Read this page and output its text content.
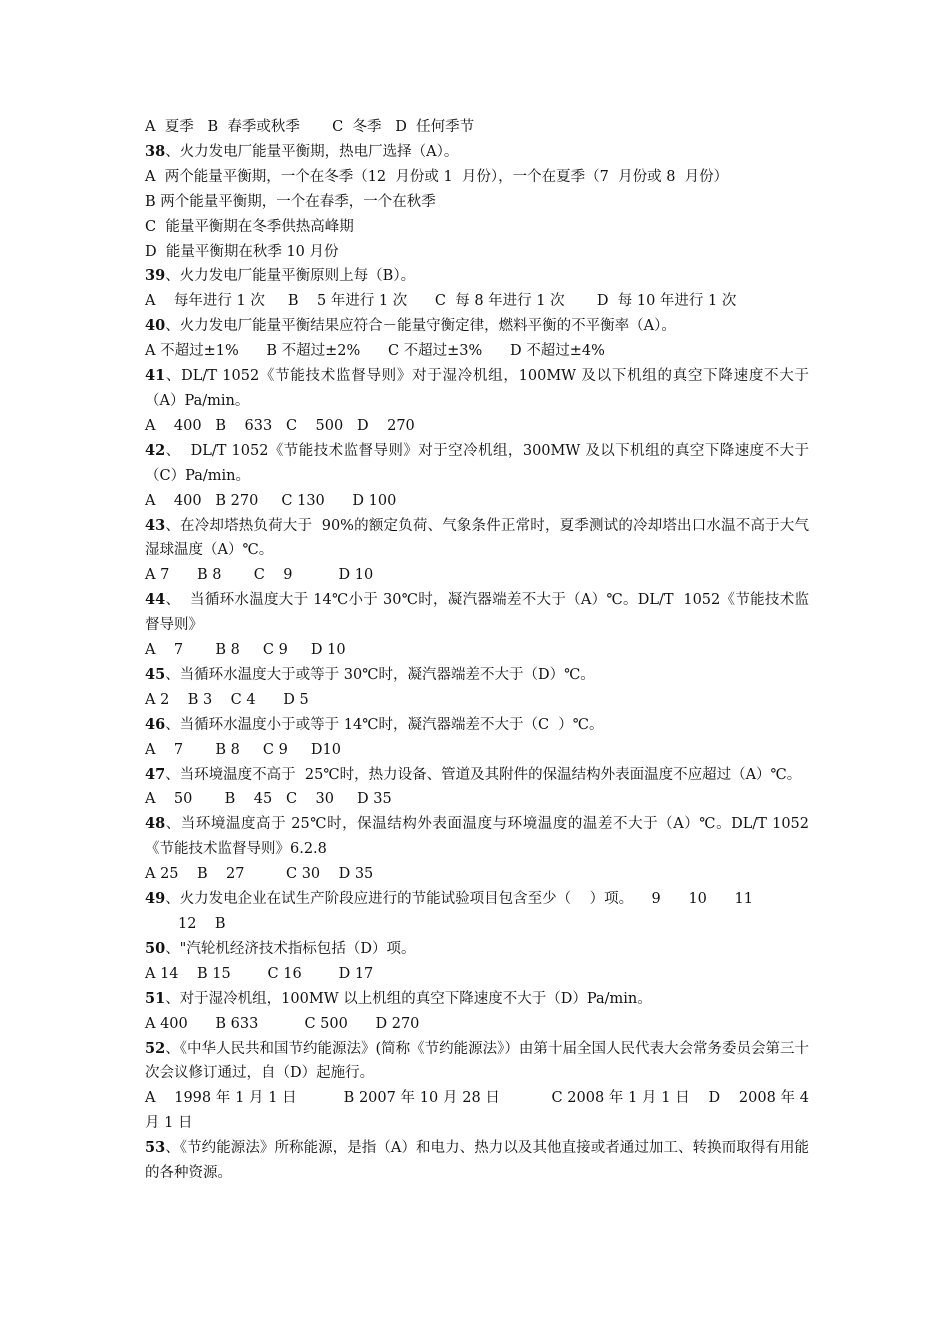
A  夏季   B  春季或秋季       C  冬季   D  任何季节
38、火力发电厂能量平衡期，热电厂选择（A）。
A  两个能量平衡期，一个在冬季（12  月份或 1  月份），一个在夏季（7  月份或 8  月份）
B 两个能量平衡期，一个在春季，一个在秋季
C  能量平衡期在冬季供热高峰期
D  能量平衡期在秋季 10 月份
39、火力发电厂能量平衡原则上每（B）。
A    每年进行 1 次     B    5 年进行 1 次      C  每 8 年进行 1 次       D  每 10 年进行 1 次
40、火力发电厂能量平衡结果应符合－能量守衡定律，燃料平衡的不平衡率（A）。
A 不超过±1%      B 不超过±2%      C 不超过±3%      D 不超过±4%
41、DL/T 1052《节能技术监督导则》对于湿冷机组，100MW 及以下机组的真空下降速度不大于（A）Pa/min。
A    400   B    633   C    500   D    270
42、  DL/T 1052《节能技术监督导则》对于空冷机组，300MW 及以下机组的真空下降速度不大于（C）Pa/min。
A    400   B 270     C 130      D 100
43、在冷却塔热负荷大于  90%的额定负荷、气象条件正常时，夏季测试的冷却塔出口水温不高于大气湿球温度（A）℃。
A 7      B 8       C    9          D 10
44、  当循环水温度大于 14℃小于 30℃时，凝汽器端差不大于（A）℃。DL/T  1052《节能技术监督导则》
A    7       B 8     C 9     D 10
45、当循环水温度大于或等于 30℃时，凝汽器端差不大于（D）℃。
A 2    B 3    C 4      D 5
46、当循环水温度小于或等于 14℃时，凝汽器端差不大于（C  ）℃。
A    7       B 8     C 9     D10
47、当环境温度不高于  25℃时，热力设备、管道及其附件的保温结构外表面温度不应超过（A）℃。
A    50       B    45   C    30     D 35
48、当环境温度高于 25℃时，保温结构外表面温度与环境温度的温差不大于（A）℃。DL/T 1052《节能技术监督导则》6.2.8
A 25    B    27         C 30    D 35
49、火力发电企业在试生产阶段应进行的节能试验项目包含至少（    ）项。    9      10      11
12    B
50、"汽轮机经济技术指标包括（D）项。
A 14    B 15        C 16        D 17
51、对于湿冷机组，100MW 以上机组的真空下降速度不大于（D）Pa/min。
A 400      B 633          C 500      D 270
52、《中华人民共和国节约能源法》(简称《节约能源法》）由第十届全国人民代表大会常务委员会第三十次会议修订通过，自（D）起施行。
A    1998 年 1 月 1 日          B 2007 年 10 月 28 日           C 2008 年 1 月 1 日    D    2008 年 4 月 1 日
53、《节约能源法》所称能源，是指（A）和电力、热力以及其他直接或者通过加工、转换而取得有用能的各种资源。
